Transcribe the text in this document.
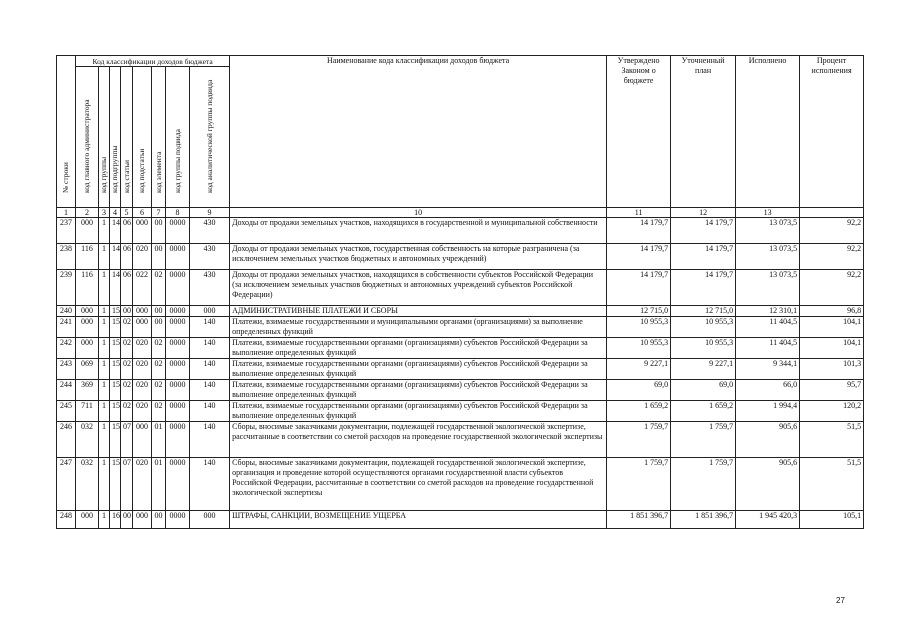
№ строки	Код классификации доходов бюджета								Наименование кода классификации доходов бюджета	Утверждено Законом о бюджете	Уточненный план	Исполнено	Процент исполнения

	код главного администратора	код группы	код подгруппы	код статьи	код подстатьи	код элемента	код группы подвида	код аналитической группы подвида					

1	2	3	4	5	6	7	8	9	10	11	12	13	
237	000	1	14	06	000	00	0000	430	Доходы от продажи земельных участков, находящихся в государственной и муниципальной собственности	14 179,7	14 179,7	13 073,5	92,2
238	116	1	14	06	020	00	0000	430	Доходы от продажи земельных участков, государственная собственность на которые разграничена (за исключением земельных участков бюджетных и автономных учреждений)	14 179,7	14 179,7	13 073,5	92,2
239	116	1	14	06	022	02	0000	430	Доходы от продажи земельных участков, находящихся в собственности субъектов Российской Федерации (за исключением земельных участков бюджетных и автономных учреждений субъектов Российской Федерации)	14 179,7	14 179,7	13 073,5	92,2
240	000	1	15	00	000	00	0000	000	АДМИНИСТРАТИВНЫЕ ПЛАТЕЖИ И СБОРЫ	12 715,0	12 715,0	12 310,1	96,8
241	000	1	15	02	000	00	0000	140	Платежи, взимаемые государственными и муниципальными органами (организациями) за выполнение определенных функций	10 955,3	10 955,3	11 404,5	104,1
242	000	1	15	02	020	02	0000	140	Платежи, взимаемые государственными органами (организациями) субъектов Российской Федерации за выполнение определенных функций	10 955,3	10 955,3	11 404,5	104,1
243	069	1	15	02	020	02	0000	140	Платежи, взимаемые государственными органами (организациями) субъектов Российской Федерации за выполнение определенных функций	9 227,1	9 227,1	9 344,1	101,3
244	369	1	15	02	020	02	0000	140	Платежи, взимаемые государственными органами (организациями) субъектов Российской Федерации за выполнение определенных функций	69,0	69,0	66,0	95,7
245	711	1	15	02	020	02	0000	140	Платежи, взимаемые государственными органами (организациями) субъектов Российской Федерации за выполнение определенных функций	1 659,2	1 659,2	1 994,4	120,2
246	032	1	15	07	000	01	0000	140	Сборы, вносимые заказчиками документации, подлежащей государственной экологической экспертизе, рассчитанные в соответствии со сметой расходов на проведение государственной экологической экспертизы	1 759,7	1 759,7	905,6	51,5
247	032	1	15	07	020	01	0000	140	Сборы, вносимые заказчиками документации, подлежащей государственной экологической экспертизе, организация и проведение которой осуществляются органами государственной власти субъектов Российской Федерации, рассчитанные в соответствии со сметой расходов на проведение государственной экологической экспертизы	1 759,7	1 759,7	905,6	51,5
248	000	1	16	00	000	00	0000	000	ШТРАФЫ, САНКЦИИ, ВОЗМЕЩЕНИЕ УЩЕРБА	1 851 396,7	1 851 396,7	1 945 420,3	105,1
27
